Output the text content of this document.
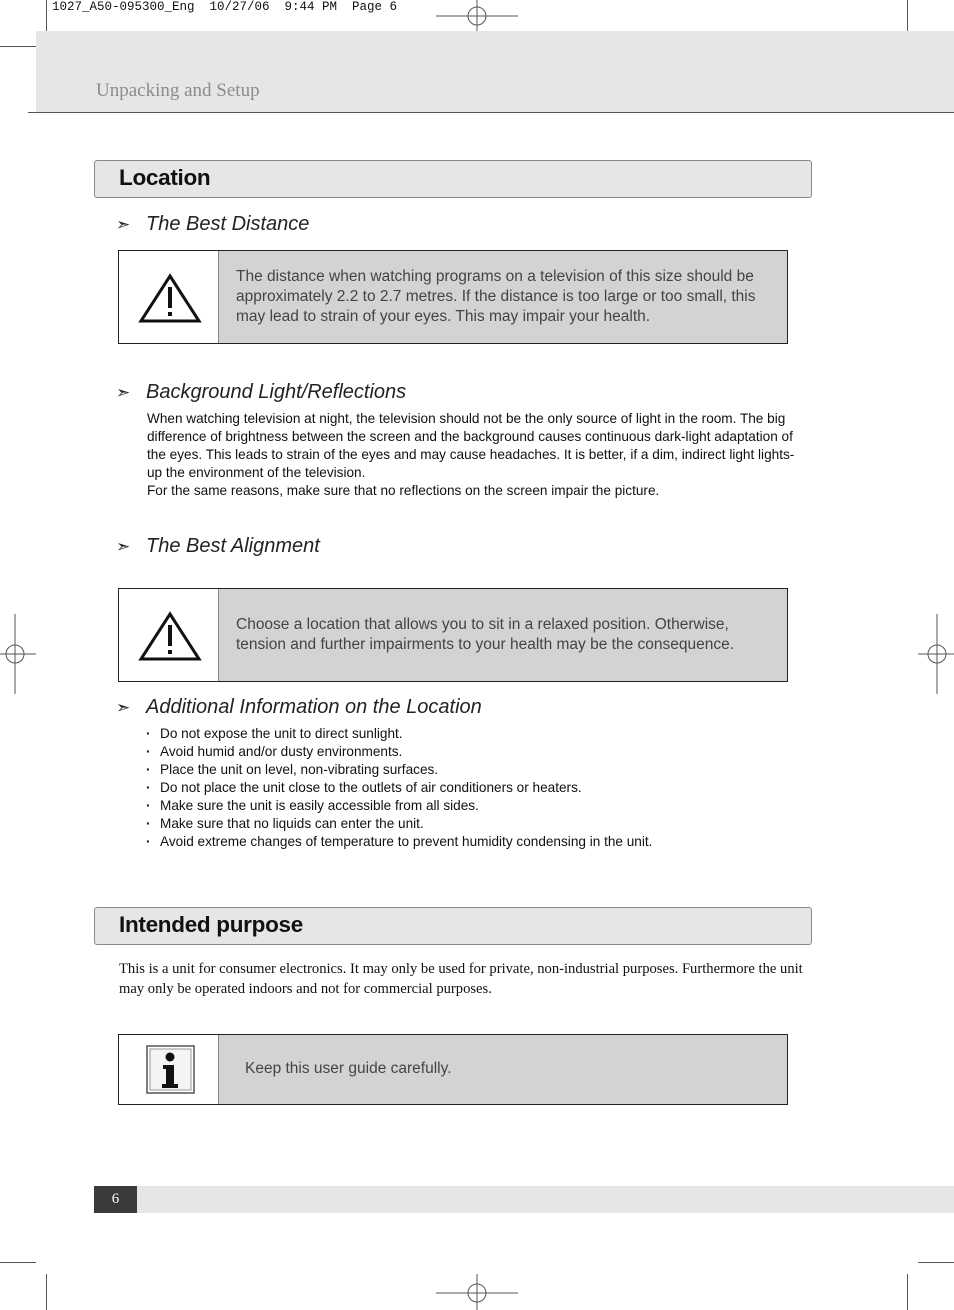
1027_A50-095300_Eng  10/27/06  9:44 PM  Page 6
Unpacking and Setup
Location
➣ The Best Distance
The distance when watching programs on a television of this size should be approximately 2.2 to 2.7 metres. If the distance is too large or too small, this may lead to strain of your eyes. This may impair your health.
➣ Background Light/Reflections
When watching television at night, the television should not be the only source of light in the room. The big difference of brightness between the screen and the background causes continuous dark-light adaptation of the eyes. This leads to strain of the eyes and may cause headaches. It is better, if a dim, indirect light lights-up the environment of the television.
For the same reasons, make sure that no reflections on the screen impair the picture.
➣ The Best Alignment
Choose a location that allows you to sit in a relaxed position. Otherwise, tension and further impairments to your health may be the consequence.
➣ Additional Information on the Location
· Do not expose the unit to direct sunlight.
· Avoid humid and/or dusty environments.
· Place the unit on level, non-vibrating surfaces.
· Do not place the unit close to the outlets of air conditioners or heaters.
· Make sure the unit is easily accessible from all sides.
· Make sure that no liquids can enter the unit.
· Avoid extreme changes of temperature to prevent humidity condensing in the unit.
Intended purpose
This is a unit for consumer electronics. It may only be used for private, non-industrial purposes. Furthermore the unit may only be operated indoors and not for commercial purposes.
Keep this user guide carefully.
6
